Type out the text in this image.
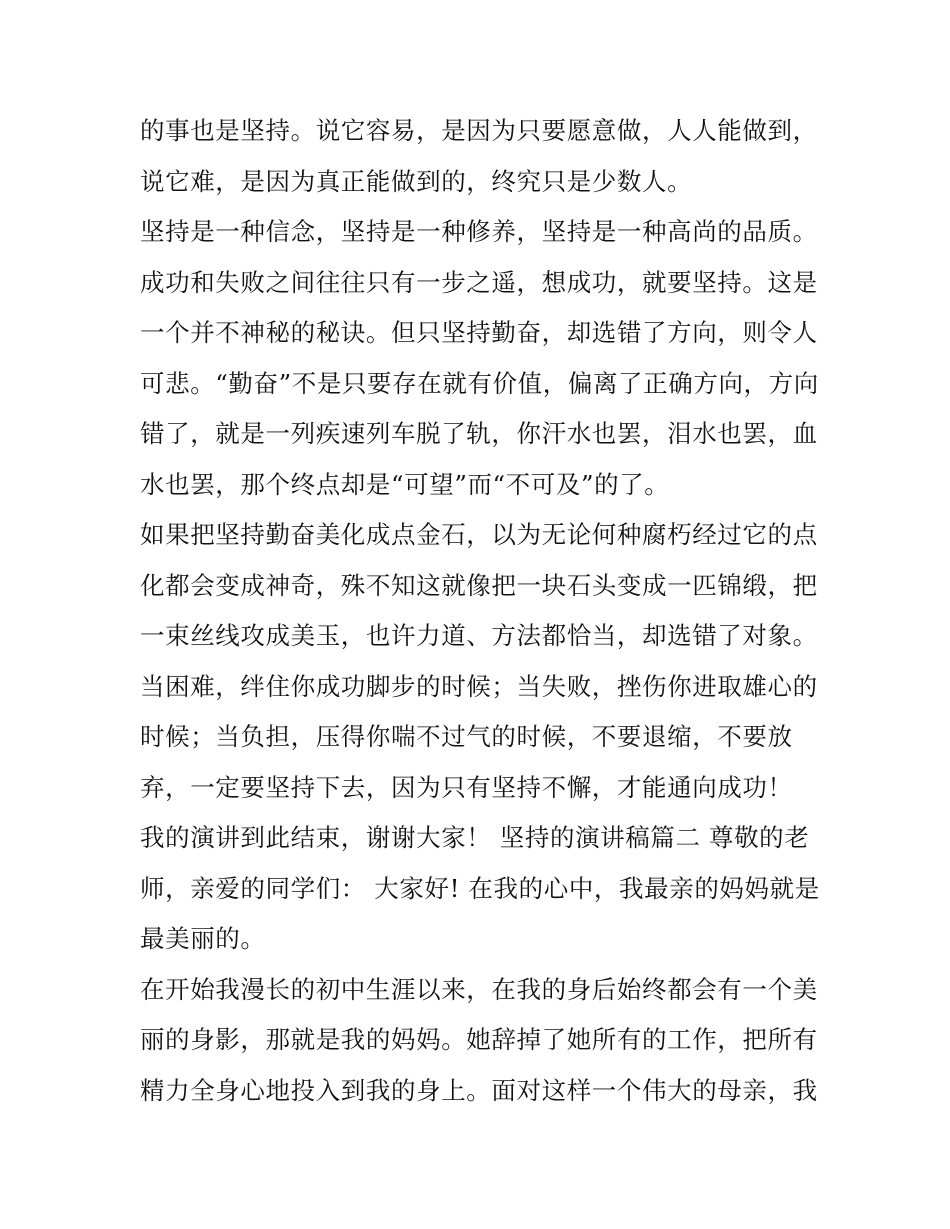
的事也是坚持。说它容易，是因为只要愿意做，人人能做到，
说它难，是因为真正能做到的，终究只是少数人。
坚持是一种信念，坚持是一种修养，坚持是一种高尚的品质。
成功和失败之间往往只有一步之遥，想成功，就要坚持。这是
一个并不神秘的秘诀。但只坚持勤奋，却选错了方向，则令人
可悲。“勤奋”不是只要存在就有价值，偏离了正确方向，方向
错了，就是一列疾速列车脱了轨，你汗水也罢，泪水也罢，血
水也罢，那个终点却是“可望”而“不可及”的了。
如果把坚持勤奋美化成点金石，以为无论何种腐朽经过它的点
化都会变成神奇，殊不知这就像把一块石头变成一匹锦缎，把
一束丝线攻成美玉，也许力道、方法都恰当，却选错了对象。
当困难，绊住你成功脚步的时候；当失败，挫伤你进取雄心的
时候；当负担，压得你喘不过气的时候，不要退缩，不要放
弃，一定要坚持下去，因为只有坚持不懈，才能通向成功！
我的演讲到此结束，谢谢大家！ 坚持的演讲稿篇二 尊敬的老
师，亲爱的同学们： 大家好! 在我的心中，我最亲的妈妈就是
最美丽的。
在开始我漫长的初中生涯以来，在我的身后始终都会有一个美
丽的身影，那就是我的妈妈。她辞掉了她所有的工作，把所有
精力全身心地投入到我的身上。面对这样一个伟大的母亲，我
